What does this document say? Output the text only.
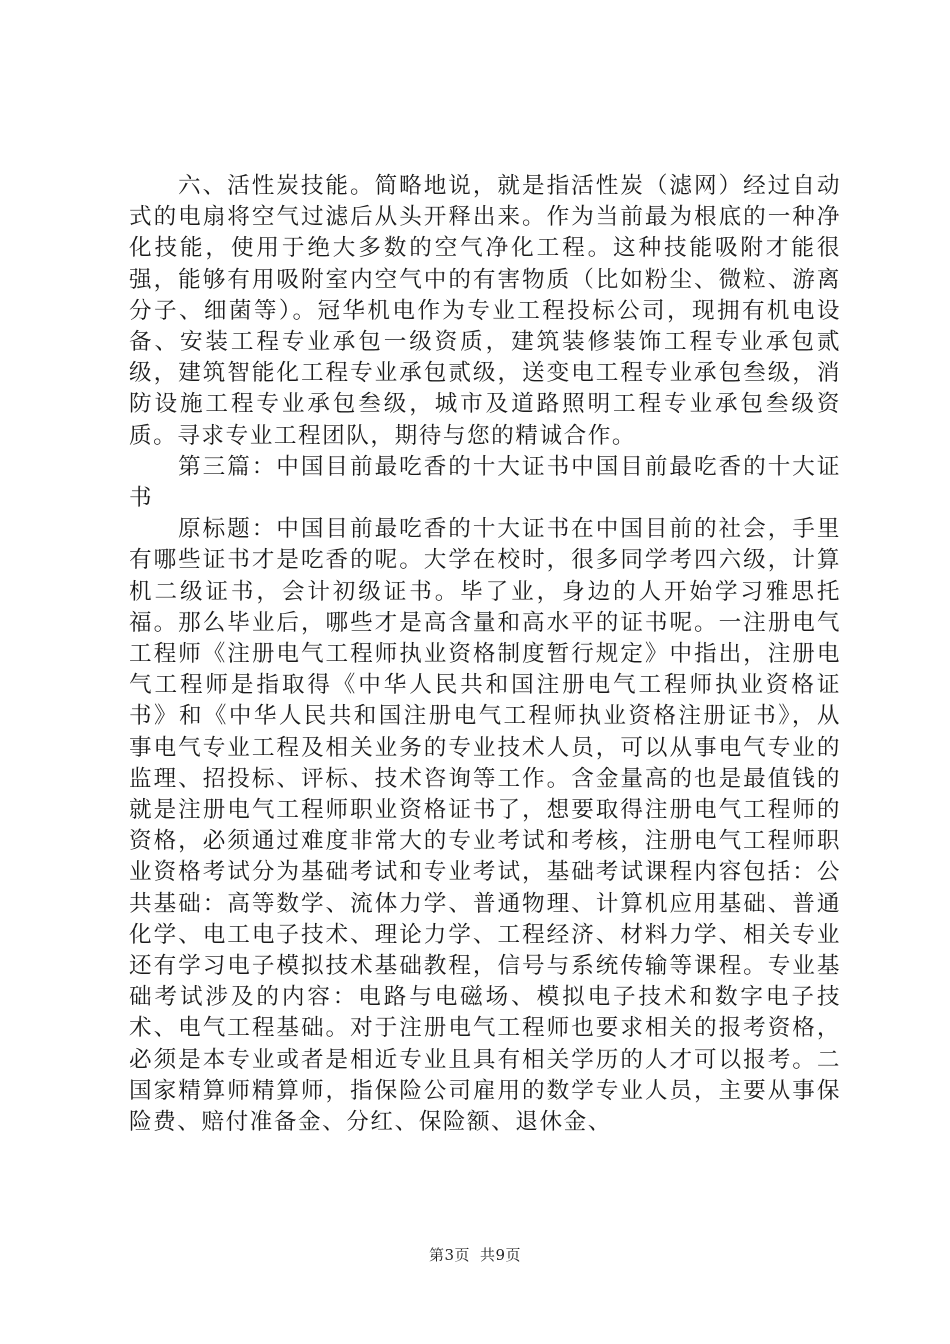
六、活性炭技能。简略地说，就是指活性炭（滤网）经过自动式的电扇将空气过滤后从头开释出来。作为当前最为根底的一种净化技能，使用于绝大多数的空气净化工程。这种技能吸附才能很强，能够有用吸附室内空气中的有害物质（比如粉尘、微粒、游离分子、细菌等）。冠华机电作为专业工程投标公司，现拥有机电设备、安装工程专业承包一级资质，建筑装修装饰工程专业承包贰级，建筑智能化工程专业承包贰级，送变电工程专业承包叁级，消防设施工程专业承包叁级，城市及道路照明工程专业承包叁级资质。寻求专业工程团队，期待与您的精诚合作。

第三篇：中国目前最吃香的十大证书中国目前最吃香的十大证书

原标题：中国目前最吃香的十大证书在中国目前的社会，手里有哪些证书才是吃香的呢。大学在校时，很多同学考四六级，计算机二级证书，会计初级证书。毕了业，身边的人开始学习雅思托福。那么毕业后，哪些才是高含量和高水平的证书呢。一注册电气工程师《注册电气工程师执业资格制度暂行规定》中指出，注册电气工程师是指取得《中华人民共和国注册电气工程师执业资格证书》和《中华人民共和国注册电气工程师执业资格注册证书》，从事电气专业工程及相关业务的专业技术人员，可以从事电气专业的监理、招投标、评标、技术咨询等工作。含金量高的也是最值钱的就是注册电气工程师职业资格证书了，想要取得注册电气工程师的资格，必须通过难度非常大的专业考试和考核，注册电气工程师职业资格考试分为基础考试和专业考试，基础考试课程内容包括：公共基础：高等数学、流体力学、普通物理、计算机应用基础、普通化学、电工电子技术、理论力学、工程经济、材料力学、相关专业还有学习电子模拟技术基础教程，信号与系统传输等课程。专业基础考试涉及的内容：电路与电磁场、模拟电子技术和数字电子技术、电气工程基础。对于注册电气工程师也要求相关的报考资格，必须是本专业或者是相近专业且具有相关学历的人才可以报考。二国家精算师精算师，指保险公司雇用的数学专业人员，主要从事保险费、赔付准备金、分红、保险额、退休金、

第3页 共9页
